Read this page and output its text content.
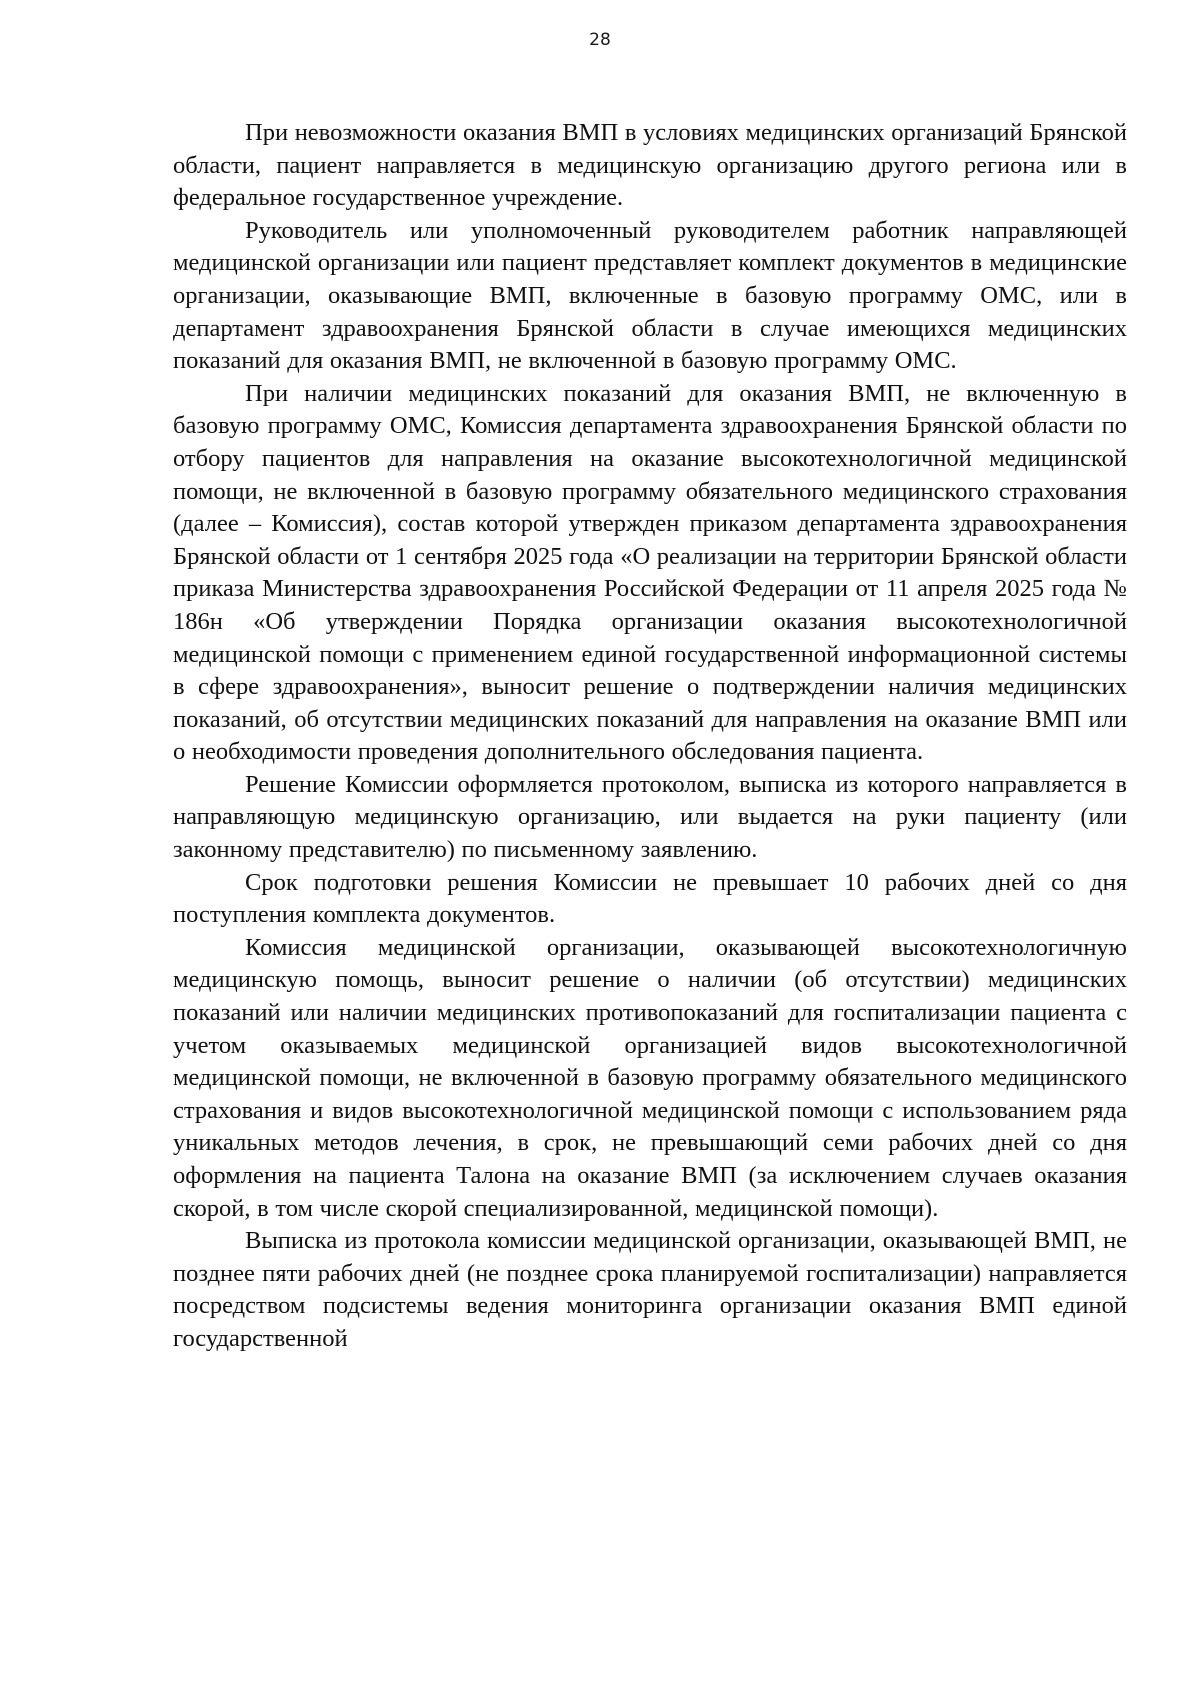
28

При невозможности оказания ВМП в условиях медицинских организаций Брянской области, пациент направляется в медицинскую организацию другого региона или в федеральное государственное учреждение.

Руководитель или уполномоченный руководителем работник направляющей медицинской организации или пациент представляет комплект документов в медицинские организации, оказывающие ВМП, включенные в базовую программу ОМС, или в департамент здравоохранения Брянской области в случае имеющихся медицинских показаний для оказания ВМП, не включенной в базовую программу ОМС.

При наличии медицинских показаний для оказания ВМП, не включенную в базовую программу ОМС, Комиссия департамента здравоохранения Брянской области по отбору пациентов для направления на оказание высокотехнологичной медицинской помощи, не включенной в базовую программу обязательного медицинского страхования (далее – Комиссия), состав которой утвержден приказом департамента здравоохранения Брянской области от 1 сентября 2025 года «О реализации на территории Брянской области приказа Министерства здравоохранения Российской Федерации от 11 апреля 2025 года № 186н «Об утверждении Порядка организации оказания высокотехнологичной медицинской помощи с применением единой государственной информационной системы в сфере здравоохранения», выносит решение о подтверждении наличия медицинских показаний, об отсутствии медицинских показаний для направления на оказание ВМП или о необходимости проведения дополнительного обследования пациента.

Решение Комиссии оформляется протоколом, выписка из которого направляется в направляющую медицинскую организацию, или выдается на руки пациенту (или законному представителю) по письменному заявлению.

Срок подготовки решения Комиссии не превышает 10 рабочих дней со дня поступления комплекта документов.

Комиссия медицинской организации, оказывающей высокотехнологичную медицинскую помощь, выносит решение о наличии (об отсутствии) медицинских показаний или наличии медицинских противопоказаний для госпитализации пациента с учетом оказываемых медицинской организацией видов высокотехнологичной медицинской помощи, не включенной в базовую программу обязательного медицинского страхования и видов высокотехнологичной медицинской помощи с использованием ряда уникальных методов лечения, в срок, не превышающий семи рабочих дней со дня оформления на пациента Талона на оказание ВМП (за исключением случаев оказания скорой, в том числе скорой специализированной, медицинской помощи).

Выписка из протокола комиссии медицинской организации, оказывающей ВМП, не позднее пяти рабочих дней (не позднее срока планируемой госпитализации) направляется посредством подсистемы ведения мониторинга организации оказания ВМП единой государственной
